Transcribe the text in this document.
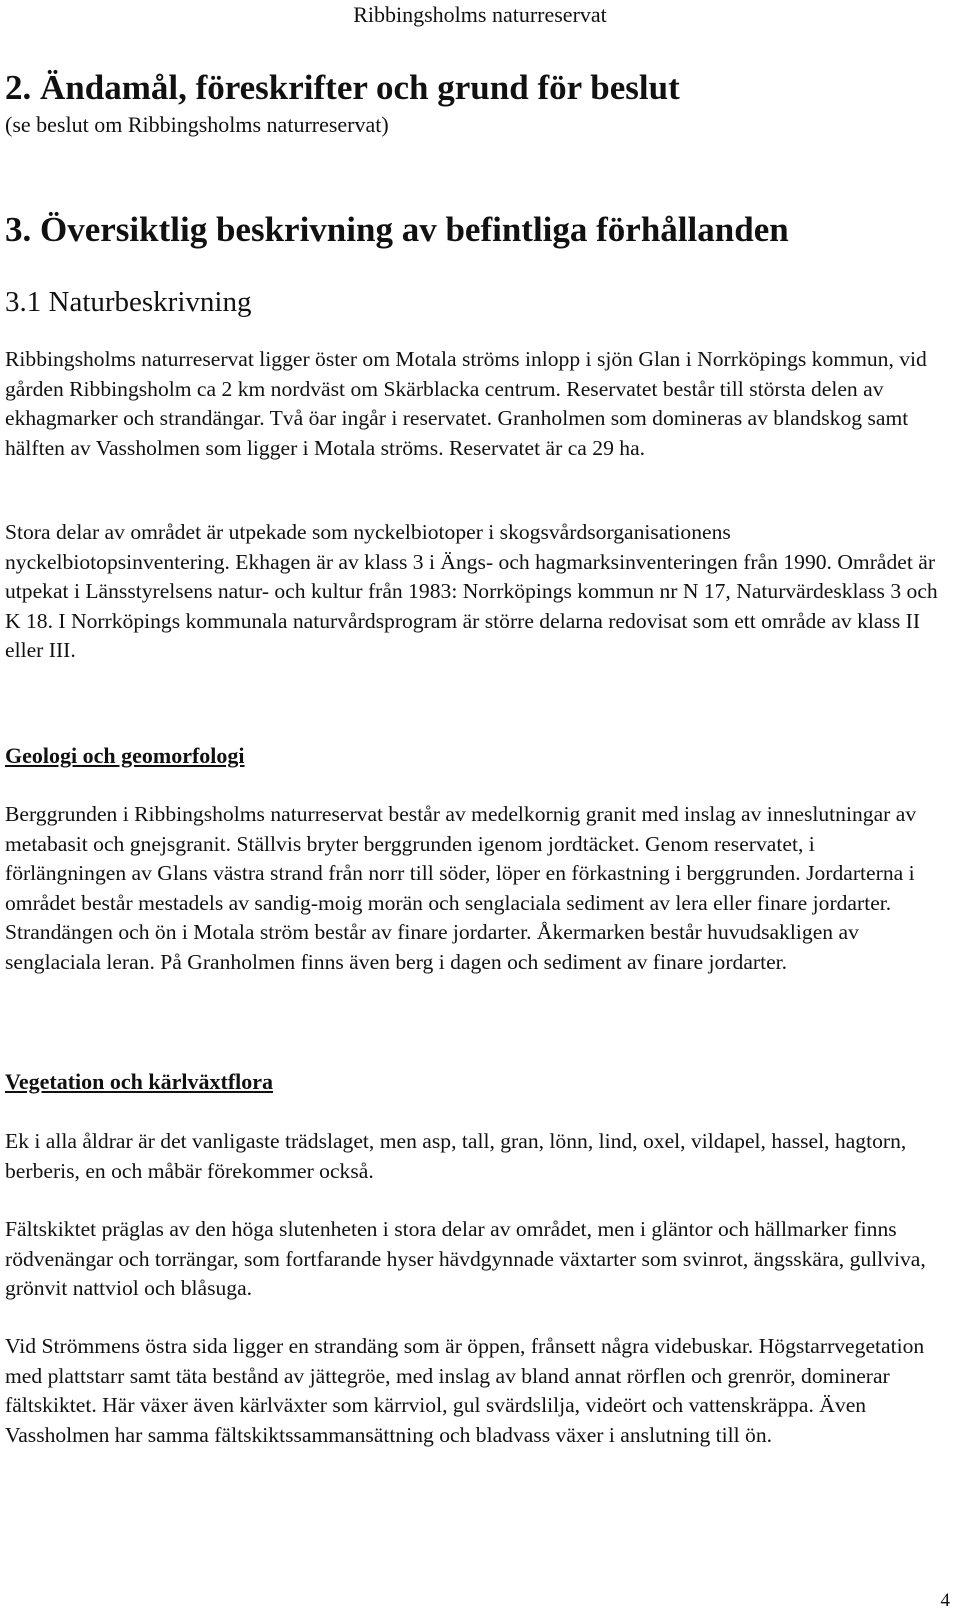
Ribbingsholms naturreservat
2. Ändamål, föreskrifter och grund för beslut
(se beslut om Ribbingsholms naturreservat)
3. Översiktlig beskrivning av befintliga förhållanden
3.1 Naturbeskrivning

Ribbingsholms naturreservat ligger öster om Motala ströms inlopp i sjön Glan i Norrköpings kommun, vid gården Ribbingsholm ca 2 km nordväst om Skärblacka centrum. Reservatet består till största delen av ekhagmarker och strandängar. Två öar ingår i reservatet. Granholmen som domineras av blandskog samt hälften av Vassholmen som ligger i Motala ströms. Reservatet är ca 29 ha.

Stora delar av området är utpekade som nyckelbiotoper i skogsvårdsorganisationens nyckelbiotopsinventering. Ekhagen är av klass 3 i Ängs- och hagmarksinventeringen från 1990. Området är utpekat i Länsstyrelsens natur- och kultur från 1983: Norrköpings kommun nr N 17, Naturvärdesklass 3 och K 18. I Norrköpings kommunala naturvårdsprogram är större delarna redovisat som ett område av klass II eller III.

Geologi och geomorfologi

Berggrunden i Ribbingsholms naturreservat består av medelkornig granit med inslag av inneslutningar av metabasit och gnejsgranit. Ställvis bryter berggrunden igenom jordtäcket. Genom reservatet, i förlängningen av Glans västra strand från norr till söder, löper en förkastning i berggrunden. Jordarterna i området består mestadels av sandig-moig morän och senglaciala sediment av lera eller finare jordarter. Strandängen och ön i Motala ström består av finare jordarter. Åkermarken består huvudsakligen av senglaciala leran. På Granholmen finns även berg i dagen och sediment av finare jordarter.

Vegetation och kärlväxtflora

Ek i alla åldrar är det vanligaste trädslaget, men asp, tall, gran, lönn, lind, oxel, vildapel, hassel, hagtorn, berberis, en och måbär förekommer också.

Fältskiktet präglas av den höga slutenheten i stora delar av området, men i gläntor och hällmarker finns rödvenängar och torrängar, som fortfarande hyser hävdgynnade växtarter som svinrot, ängsskära, gullviva, grönvit nattviol och blåsuga.

Vid Strömmens östra sida ligger en strandäng som är öppen, frånsett några videbuskar. Högstarrvegetation med plattstarr samt täta bestånd av jättegröe, med inslag av bland annat rörflen och grenrör, dominerar fältskiktet. Här växer även kärlväxter som kärrviol, gul svärdslilja, videört och vattenskräppa. Även Vassholmen har samma fältskiktssammansättning och bladvass växer i anslutning till ön.

4
